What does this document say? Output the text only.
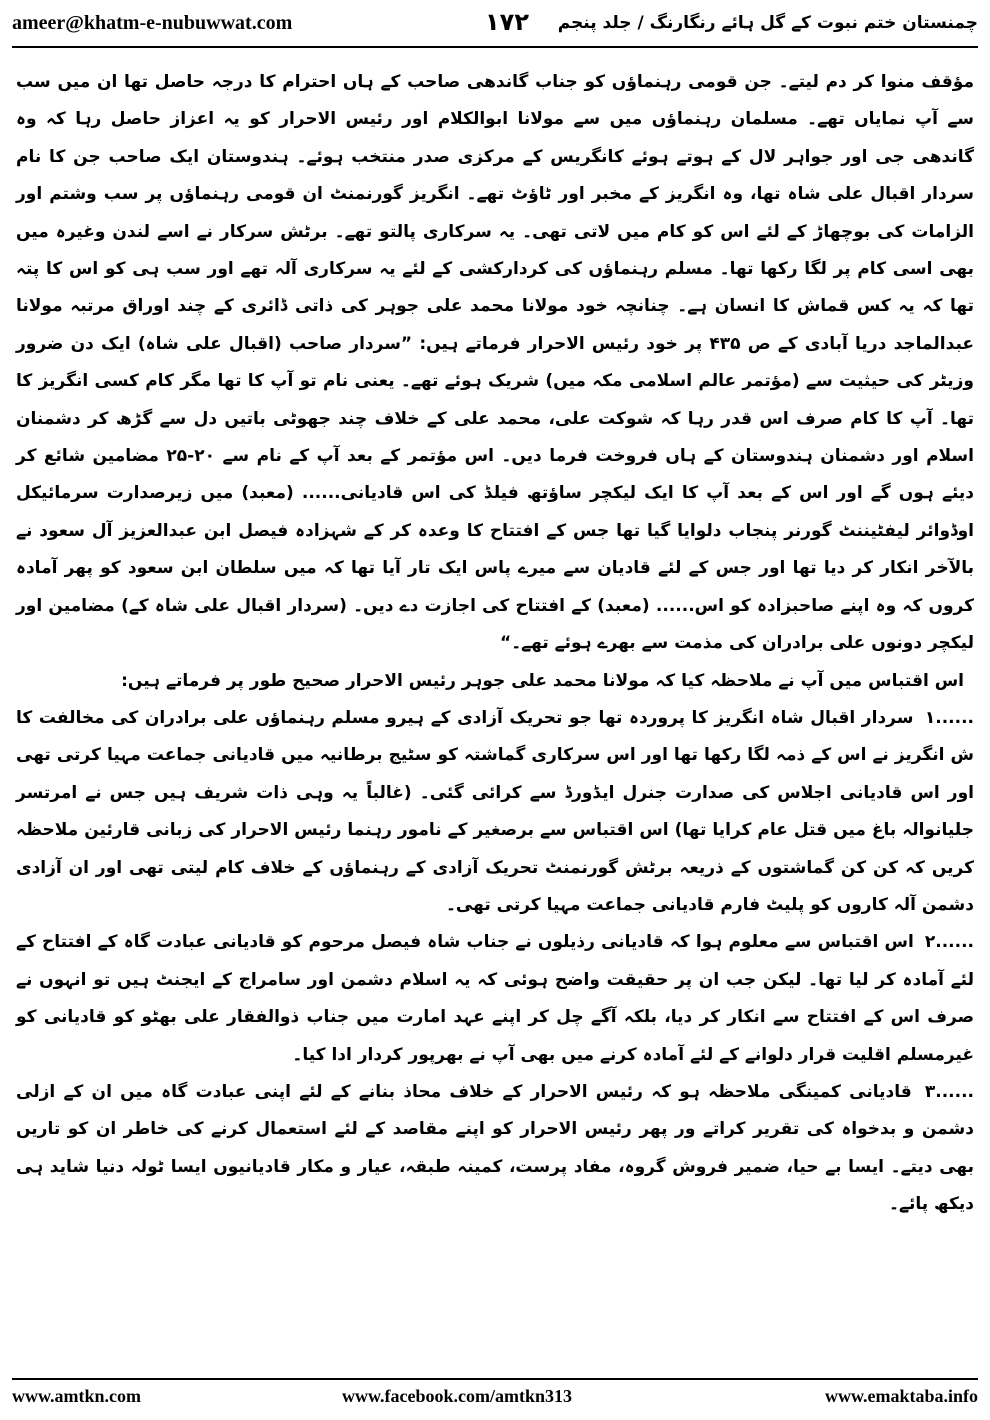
ameer@khatm-e-nubuwwat.com	۱۷۲	چمنستان ختم نبوت کے گل ہائے رنگارنگ / جلد پنجم

مؤقف منوا کر دم لیتے۔ جن قومی رہنماؤں کو جناب گاندھی صاحب کے ہاں احترام کا درجہ حاصل تھا ان میں سب سے آپ نمایاں تھے۔ مسلمان رہنماؤں میں سے مولانا ابوالکلام اور رئیس الاحرار کو یہ اعزاز حاصل رہا کہ وہ گاندھی جی اور جواہر لال کے ہوتے ہوئے کانگریس کے مرکزی صدر منتخب ہوئے۔ ہندوستان ایک صاحب جن کا نام سردار اقبال علی شاہ تھا، وہ انگریز کے مخبر اور ٹاؤٹ تھے۔ انگریز گورنمنٹ ان قومی رہنماؤں پر سب وشتم اور الزامات کی بوچھاڑ کے لئے اس کو کام میں لاتی تھی۔ یہ سرکاری پالتو تھے۔ برٹش سرکار نے اسے لندن وغیرہ میں بھی اسی کام پر لگا رکھا تھا۔ مسلم رہنماؤں کی کردارکشی کے لئے یہ سرکاری آلہ تھے اور سب ہی کو اس کا پتہ تھا کہ یہ کس قماش کا انسان ہے۔ چنانچہ خود مولانا محمد علی جوہر کی ذاتی ڈائری کے چند اوراق مرتبہ مولانا عبدالماجد دریا آبادی کے ص ۴۳۵ پر خود رئیس الاحرار فرماتے ہیں: ”سردار صاحب (اقبال علی شاہ) ایک دن ضرور وزیٹر کی حیثیت سے (مؤتمر عالم اسلامی مکہ میں) شریک ہوئے تھے۔ یعنی نام تو آپ کا تھا مگر کام کسی انگریز کا تھا۔ آپ کا کام صرف اس قدر رہا کہ شوکت علی، محمد علی کے خلاف چند جھوٹی باتیں دل سے گڑھ کر دشمنان اسلام اور دشمنان ہندوستان کے ہاں فروخت فرما دیں۔ اس مؤتمر کے بعد آپ کے نام سے ۲۰-۲۵ مضامین شائع کر دیئے ہوں گے اور اس کے بعد آپ کا ایک لیکچر ساؤتھ فیلڈ کی اس قادیانی...... (معبد) میں زیرصدارت سرمائیکل اوڈوائر لیفٹیننٹ گورنر پنجاب دلوایا گیا تھا جس کے افتتاح کا وعدہ کر کے شہزادہ فیصل ابن عبدالعزیز آل سعود نے بالآخر انکار کر دیا تھا اور جس کے لئے قادیان سے میرے پاس ایک تار آیا تھا کہ میں سلطان ابن سعود کو پھر آمادہ کروں کہ وہ اپنے صاحبزادہ کو اس...... (معبد) کے افتتاح کی اجازت دے دیں۔ (سردار اقبال علی شاہ کے) مضامین اور لیکچر دونوں علی برادران کی مذمت سے بھرے ہوئے تھے۔“

اس اقتباس میں آپ نے ملاحظہ کیا کہ مولانا محمد علی جوہر رئیس الاحرار صحیح طور پر فرماتے ہیں:

۱...... سردار اقبال شاہ انگریز کا پروردہ تھا جو تحریک آزادی کے ہیرو مسلم رہنماؤں علی برادران کی مخالفت کا ش انگریز نے اس کے ذمہ لگا رکھا تھا اور اس سرکاری گماشتہ کو سٹیج برطانیہ میں قادیانی جماعت مہیا کرتی تھی اور اس قادیانی اجلاس کی صدارت جنرل ایڈورڈ سے کرائی گئی۔ (غالباً یہ وہی ذات شریف ہیں جس نے امرتسر جلیانوالہ باغ میں قتل عام کرایا تھا) اس اقتباس سے برصغیر کے نامور رہنما رئیس الاحرار کی زبانی قارئین ملاحظہ کریں کہ کن کن گماشتوں کے ذریعہ برٹش گورنمنٹ تحریک آزادی کے رہنماؤں کے خلاف کام لیتی تھی اور ان آزادی دشمن آلہ کاروں کو پلیٹ فارم قادیانی جماعت مہیا کرتی تھی۔

۲...... اس اقتباس سے معلوم ہوا کہ قادیانی رذیلوں نے جناب شاہ فیصل مرحوم کو قادیانی عبادت گاہ کے افتتاح کے لئے آمادہ کر لیا تھا۔ لیکن جب ان پر حقیقت واضح ہوئی کہ یہ اسلام دشمن اور سامراج کے ایجنٹ ہیں تو انہوں نے صرف اس کے افتتاح سے انکار کر دیا، بلکہ آگے چل کر اپنے عہد امارت میں جناب ذوالفقار علی بھٹو کو قادیانی کو غیرمسلم اقلیت قرار دلوانے کے لئے آمادہ کرنے میں بھی آپ نے بھرپور کردار ادا کیا۔

۳...... قادیانی کمینگی ملاحظہ ہو کہ رئیس الاحرار کے خلاف محاذ بنانے کے لئے اپنی عبادت گاہ میں ان کے ازلی دشمن و بدخواہ کی تقریر کراتے ور پھر رئیس الاحرار کو اپنے مقاصد کے لئے استعمال کرنے کی خاطر ان کو تاریں بھی دیتے۔ ایسا بے حیا، ضمیر فروش گروہ، مفاد پرست، کمینہ طبقہ، عیار و مکار قادیانیوں ایسا ٹولہ دنیا شاید ہی دیکھ پائے۔

www.amtkn.com	www.facebook.com/amtkn313	www.emaktaba.info
